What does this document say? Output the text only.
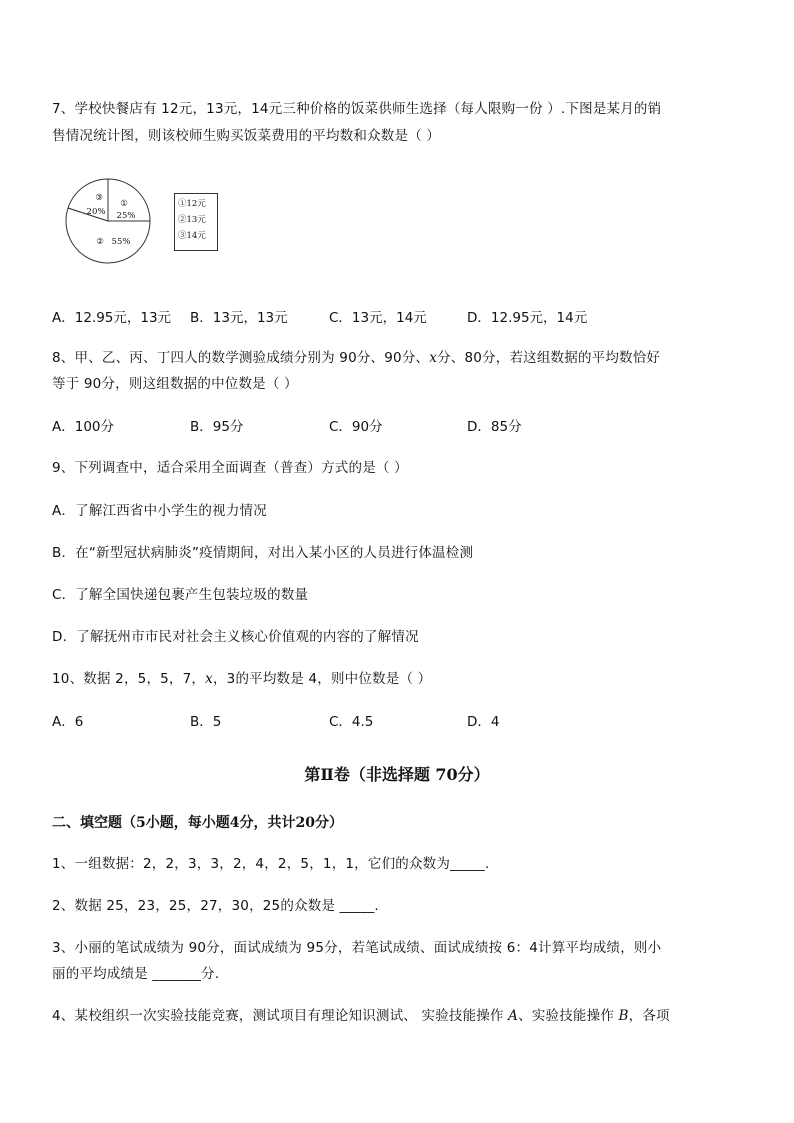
7、学校快餐店有 12元，13元，14元三种价格的饭菜供师生选择（每人限购一份 ）.下图是某月的销
售情况统计图，则该校师生购买饭菜费用的平均数和众数是（ ）
①
25%
② 55%
③
20%
①12元
②13元
③14元
A．12.95元，13元 B．13元，13元	C．13元，14元	D．12.95元，14元
8、甲、乙、丙、丁四人的数学测验成绩分别为 90分、90分、x分、80分，若这组数据的平均数恰好
等于 90分，则这组数据的中位数是（ ）
A．100分	B．95分	C．90分	D．85分
9、下列调查中，适合采用全面调查（普查）方式的是（ ）
A．了解江西省中小学生的视力情况
B．在“新型冠状病肺炎”疫情期间，对出入某小区的人员进行体温检测
C．了解全国快递包裹产生包装垃圾的数量
D．了解抚州市市民对社会主义核心价值观的内容的了解情况
10、数据 2，5，5，7，x，3的平均数是 4，则中位数是（ ）
A．6	B．5	C．4.5	D．4
第Ⅱ卷（非选择题 70分）
二、填空题（5小题，每小题4分，共计20分）
1、一组数据：2，2，3，3，2，4，2，5，1，1，它们的众数为_____.
2、数据 25，23，25，27，30，25的众数是 _____.
3、小丽的笔试成绩为 90分，面试成绩为 95分，若笔试成绩、面试成绩按 6：4计算平均成绩，则小
丽的平均成绩是 _______分.
4、某校组织一次实验技能竞赛，测试项目有理论知识测试、 实验技能操作 A、实验技能操作 B，各项
